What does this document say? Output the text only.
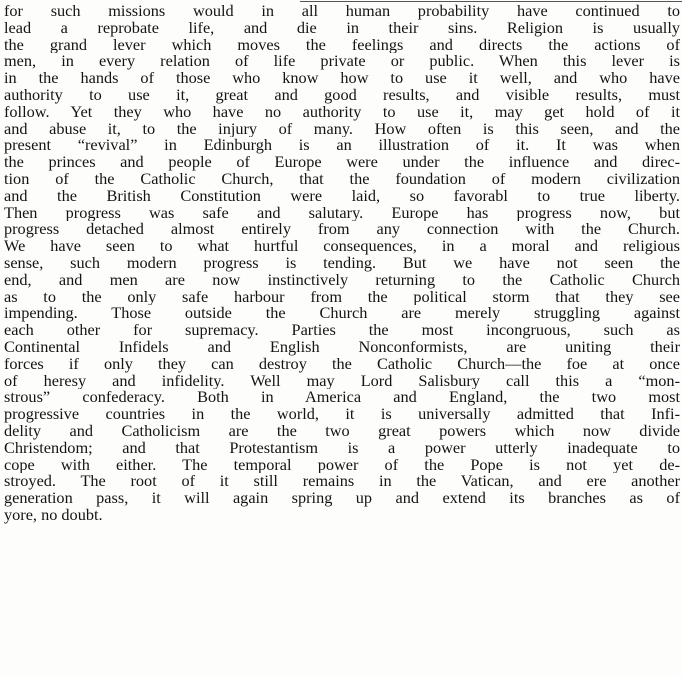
for such missions would in all human probability have continued to
lead a reprobate life, and die in their sins. Religion is usually
the grand lever which moves the feelings and directs the actions of
men, in every relation of life private or public. When this lever is
in the hands of those who know how to use it well, and who have
authority to use it, great and good results, and visible results, must
follow. Yet they who have no authority to use it, may get hold of it
and abuse it, to the injury of many. How often is this seen, and the
present “revival” in Edinburgh is an illustration of it. It was when
the princes and people of Europe were under the influence and direc-
tion of the Catholic Church, that the foundation of modern civilization
and the British Constitution were laid, so favorabl to true liberty.
Then progress was safe and salutary. Europe has progress now, but
progress detached almost entirely from any connection with the Church.
We have seen to what hurtful consequences, in a moral and religious
sense, such modern progress is tending. But we have not seen the
end, and men are now instinctively returning to the Catholic Church
as to the only safe harbour from the political storm that they see
impending. Those outside the Church are merely struggling against
each other for supremacy. Parties the most incongruous, such as
Continental Infidels and English Nonconformists, are uniting their
forces if only they can destroy the Catholic Church—the foe at once
of heresy and infidelity. Well may Lord Salisbury call this a “mon-
strous” confederacy. Both in America and England, the two most
progressive countries in the world, it is universally admitted that Infi-
delity and Catholicism are the two great powers which now divide
Christendom; and that Protestantism is a power utterly inadequate to
cope with either. The temporal power of the Pope is not yet de-
stroyed. The root of it still remains in the Vatican, and ere another
generation pass, it will again spring up and extend its branches as of
yore, no doubt.
